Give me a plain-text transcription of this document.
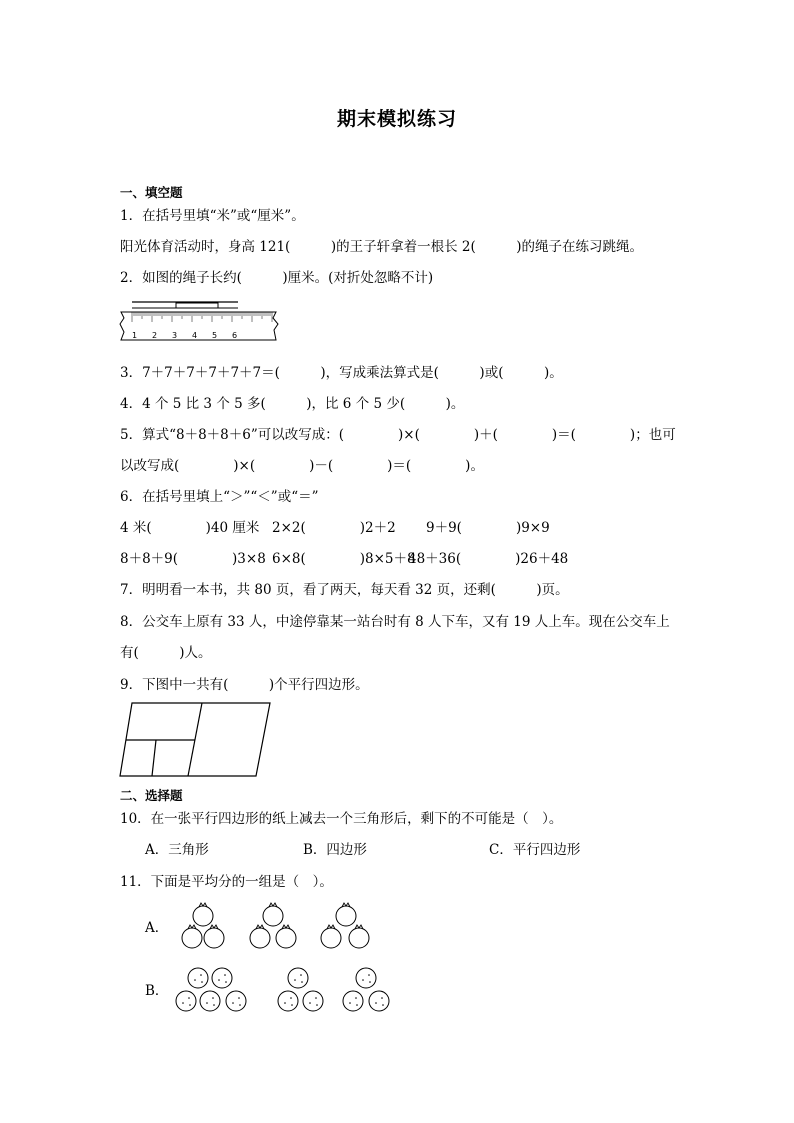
期末模拟练习
一、填空题
1．在括号里填“米”或“厘米”。
阳光体育活动时，身高 121(　　　)的王子轩拿着一根长 2(　　　)的绳子在练习跳绳。
2．如图的绳子长约(　　　)厘米。(对折处忽略不计)
1 2 3 4 5 6
3．7＋7＋7＋7＋7＋7＝(　　　)，写成乘法算式是(　　　)或(　　　)。
4．4 个 5 比 3 个 5 多(　　　)，比 6 个 5 少(　　　)。
5．算式“8＋8＋8＋6”可以改写成：(　　　　)×(　　　　)＋(　　　　)＝(　　　　)；也可
以改写成(　　　　)×(　　　　)－(　　　　)＝(　　　　)。
6．在括号里填上“＞”“＜”或“＝”
4 米(　　　　)40 厘米 2×2(　　　　)2＋2 9＋9(　　　　)9×9
8＋8＋9(　　　　)3×8 6×8(　　　　)8×5＋8
48＋36(　　　　)26＋48
7．明明看一本书，共 80 页，看了两天，每天看 32 页，还剩(　　　)页。
8．公交车上原有 33 人，中途停靠某一站台时有 8 人下车，又有 19 人上车。现在公交车上
有(　　　)人。
9．下图中一共有(　　　)个平行四边形。
二、选择题
10．在一张平行四边形的纸上减去一个三角形后，剩下的不可能是（　）。
A．三角形	B．四边形	C．平行四边形
11．下面是平均分的一组是（　）。
A．
B．
